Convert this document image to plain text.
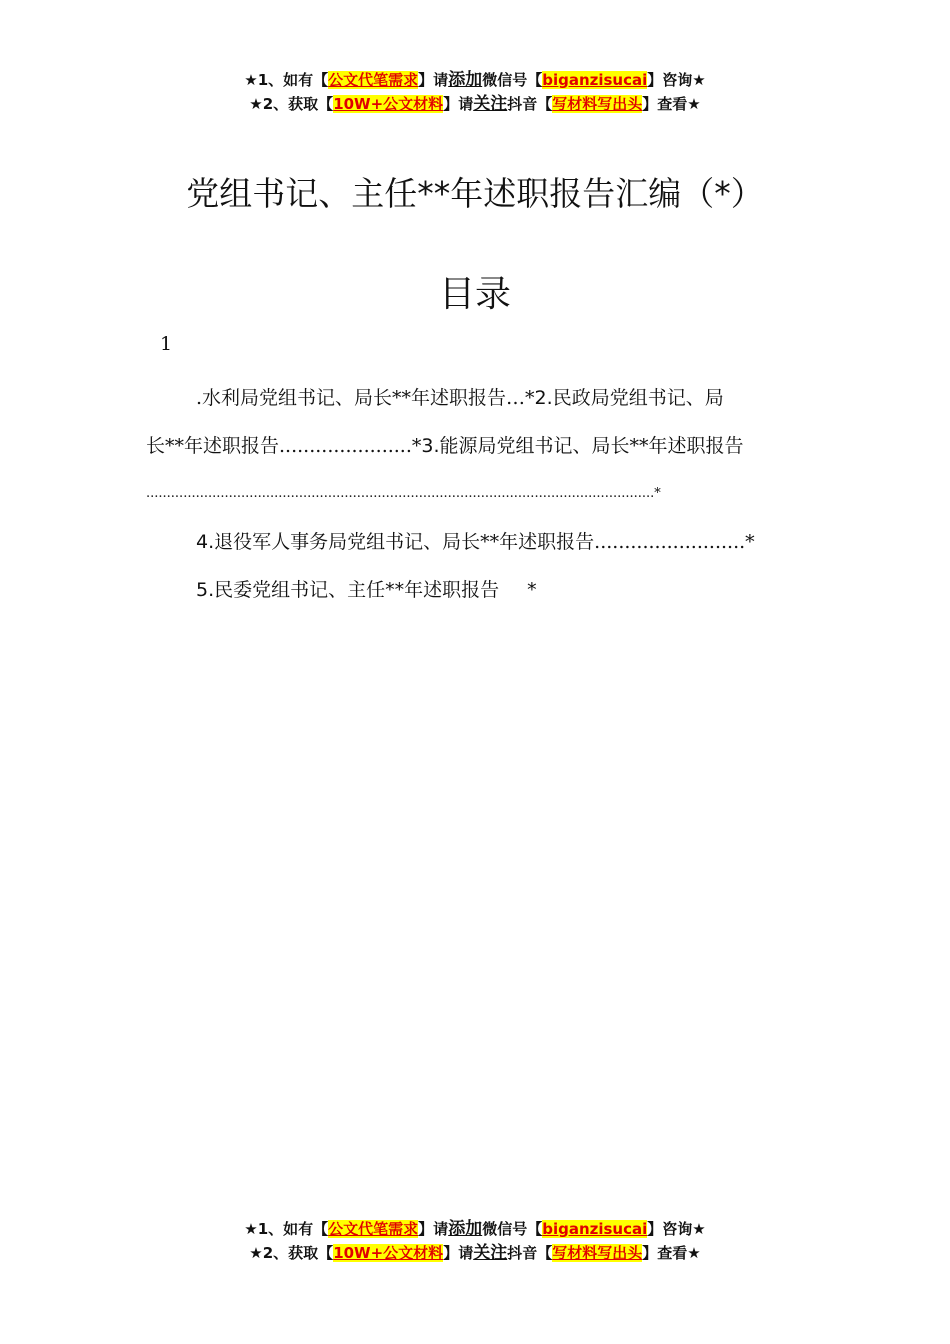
★1、如有【公文代笔需求】请添加微信号【biganzisucai】咨询★
★2、获取【10W+公文材料】请关注抖音【写材料写出头】查看★
党组书记、主任**年述职报告汇编（*）
目录
1
.水利局党组书记、局长**年述职报告…*2.民政局党组书记、局
长**年述职报告......................*3.能源局党组书记、局长**年述职报告
...........................................................................................................................*
4.退役军人事务局党组书记、局长**年述职报告.........................*
5.民委党组书记、主任**年述职报告 *
★1、如有【公文代笔需求】请添加微信号【biganzisucai】咨询★
★2、获取【10W+公文材料】请关注抖音【写材料写出头】查看★
